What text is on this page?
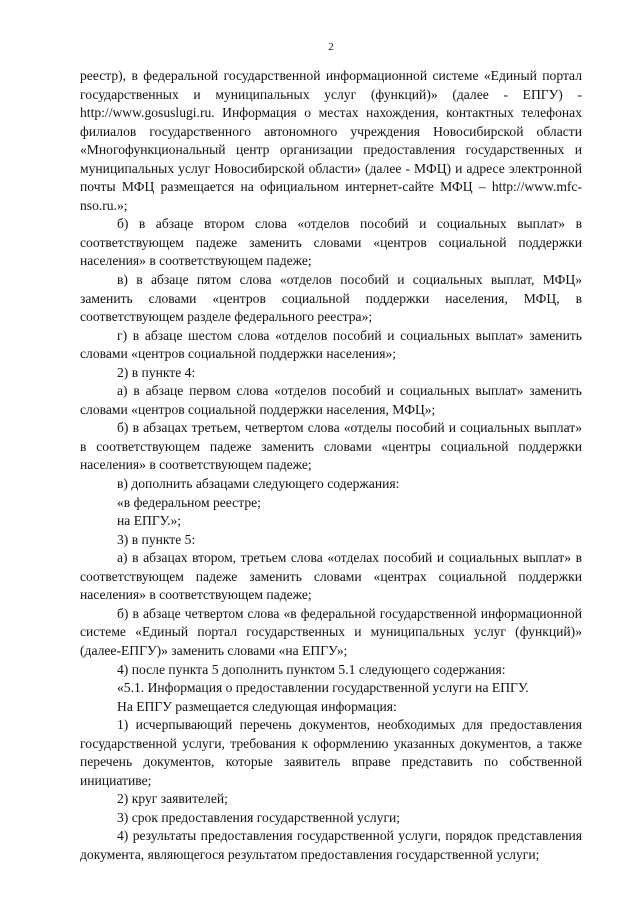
2

реестр), в федеральной государственной информационной системе «Единый портал государственных и муниципальных услуг (функций)» (далее - ЕПГУ) - http://www.gosuslugi.ru. Информация о местах нахождения, контактных телефонах филиалов государственного автономного учреждения Новосибирской области «Многофункциональный центр организации предоставления государственных и муниципальных услуг Новосибирской области» (далее - МФЦ) и адресе электронной почты МФЦ размещается на официальном интернет-сайте МФЦ – http://www.mfc-nso.ru.»;

б) в абзаце втором слова «отделов пособий и социальных выплат» в соответствующем падеже заменить словами «центров социальной поддержки населения» в соответствующем падеже;

в) в абзаце пятом слова «отделов пособий и социальных выплат, МФЦ» заменить словами «центров социальной поддержки населения, МФЦ, в соответствующем разделе федерального реестра»;

г) в абзаце шестом слова «отделов пособий и социальных выплат» заменить словами «центров социальной поддержки населения»;

2) в пункте 4:

а) в абзаце первом слова «отделов пособий и социальных выплат» заменить словами «центров социальной поддержки населения, МФЦ»;

б) в абзацах третьем, четвертом слова «отделы пособий и социальных выплат» в соответствующем падеже заменить словами «центры социальной поддержки населения» в соответствующем падеже;

в) дополнить абзацами следующего содержания:

«в федеральном реестре;

на ЕПГУ.»;

3) в пункте 5:

а) в абзацах втором, третьем слова «отделах пособий и социальных выплат» в соответствующем падеже заменить словами «центрах социальной поддержки населения» в соответствующем падеже;

б) в абзаце четвертом слова «в федеральной государственной информационной системе «Единый портал государственных и муниципальных услуг (функций)» (далее-ЕПГУ)» заменить словами «на ЕПГУ»;

4) после пункта 5 дополнить пунктом 5.1 следующего содержания:

«5.1. Информация о предоставлении государственной услуги на ЕПГУ.

На ЕПГУ размещается следующая информация:

1) исчерпывающий перечень документов, необходимых для предоставления государственной услуги, требования к оформлению указанных документов, а также перечень документов, которые заявитель вправе представить по собственной инициативе;

2) круг заявителей;

3) срок предоставления государственной услуги;

4) результаты предоставления государственной услуги, порядок представления документа, являющегося результатом предоставления государственной услуги;
